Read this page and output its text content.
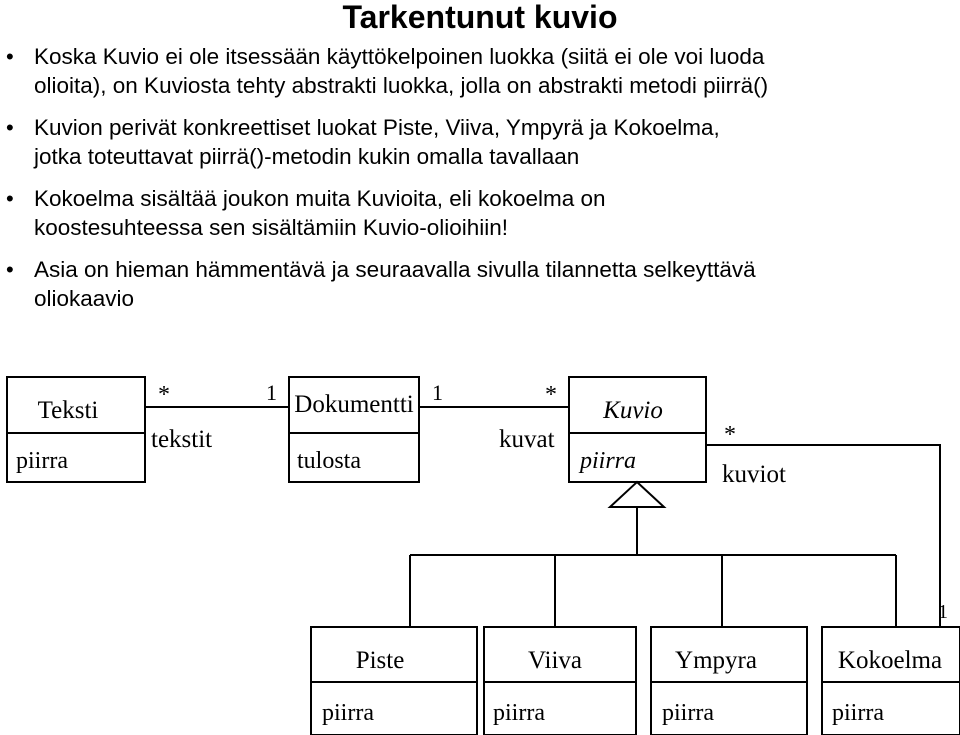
Tarkentunut kuvio
• Koska Kuvio ei ole itsessään käyttökelpoinen luokka (siitä ei ole voi luoda
olioita), on Kuviosta tehty abstrakti luokka, jolla on abstrakti metodi piirrä()
• Kuvion perivät konkreettiset luokat Piste, Viiva, Ympyrä ja Kokoelma,
jotka toteuttavat piirrä()-metodin kukin omalla tavallaan
• Kokoelma sisältää joukon muita Kuvioita, eli kokoelma on
koostesuhteessa sen sisältämiin Kuvio-olioihiin!
• Asia on hieman hämmentävä ja seuraavalla sivulla tilannetta selkeyttävä
oliokaavio
Teksti	Dokumentti	Kuvio
Piste	Viiva	Ympyra	Kokoelma
piirra	tulosta	piirra
piirra	piirra	piirra	piirra
*	1
tekstit
1	*
kuvat	*
kuviot
1
